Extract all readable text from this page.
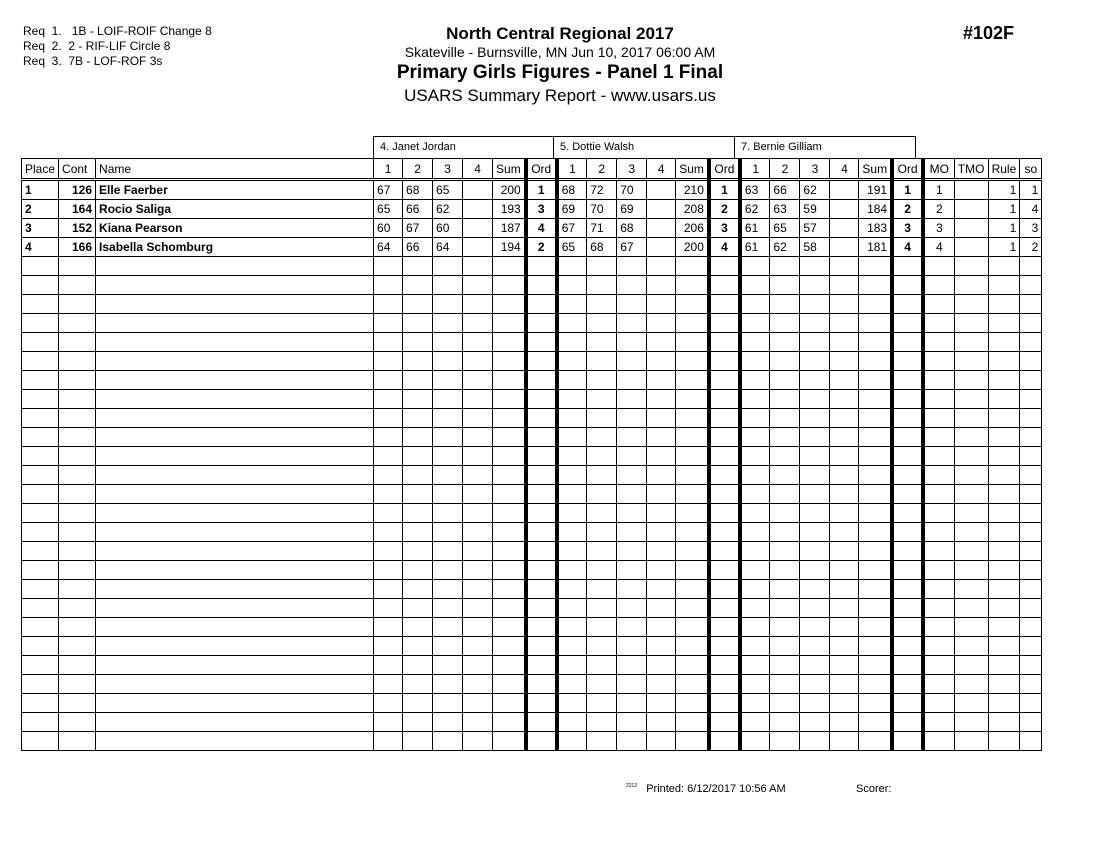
Req  1.   1B - LOIF-ROIF Change 8
Req  2.  2 - RIF-LIF Circle 8
Req  3.  7B - LOF-ROF 3s
North Central Regional 2017
Skateville - Burnsville, MN Jun 10, 2017 06:00 AM
Primary Girls Figures - Panel 1 Final
USARS Summary Report - www.usars.us
#102F
4. Janet Jordan	5. Dottie Walsh	7. Bernie Gilliam
Place	Cont	Name	1	2	3	4	Sum	Ord	1	2	3	4	Sum	Ord	1	2	3	4	Sum	Ord	MO	TMO	Rule	so
1	126	Elle Faerber	67	68	65		200	1	68	72	70		210	1	63	66	62		191	1	1		1	1
2	164	Rocio Saliga	65	66	62		193	3	69	70	69		208	2	62	63	59		184	2	2		1	4
3	152	Kiana Pearson	60	67	60		187	4	67	71	68		206	3	61	65	57		183	3	3		1	3
4	166	Isabella Schomburg	64	66	64		194	2	65	68	67		200	4	61	62	58		181	4	4		1	2

$^{2212}$ Printed: 6/12/2017 10:56 AM	Scorer:
